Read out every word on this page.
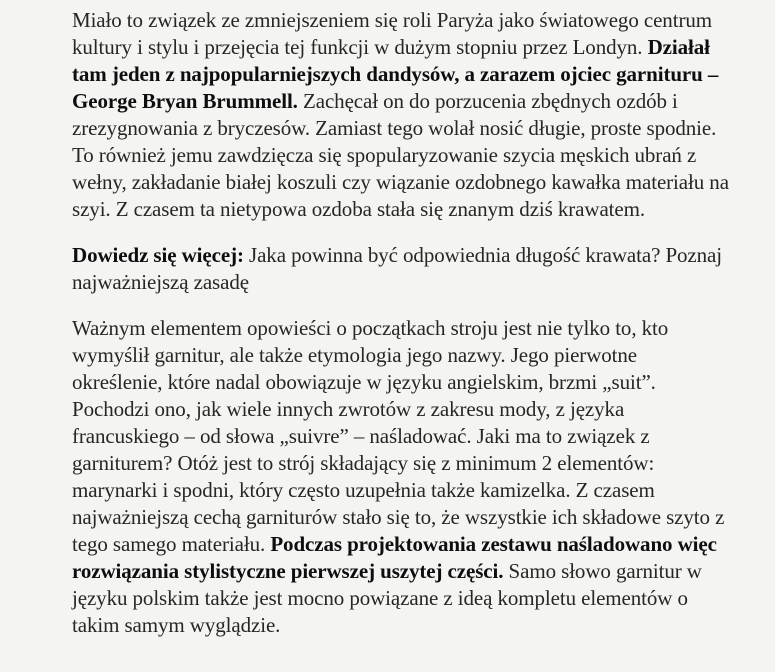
Miało to związek ze zmniejszeniem się roli Paryża jako światowego centrum kultury i stylu i przejęcia tej funkcji w dużym stopniu przez Londyn. Działał tam jeden z najpopularniejszych dandysów, a zarazem ojciec garnituru – George Bryan Brummell. Zachęcał on do porzucenia zbędnych ozdób i zrezygnowania z bryczesów. Zamiast tego wolał nosić długie, proste spodnie. To również jemu zawdzięcza się spopularyzowanie szycia męskich ubrań z wełny, zakładanie białej koszuli czy wiązanie ozdobnego kawałka materiału na szyi. Z czasem ta nietypowa ozdoba stała się znanym dziś krawatem.

Dowiedz się więcej: Jaka powinna być odpowiednia długość krawata? Poznaj najważniejszą zasadę

Ważnym elementem opowieści o początkach stroju jest nie tylko to, kto wymyślił garnitur, ale także etymologia jego nazwy. Jego pierwotne określenie, które nadal obowiązuje w języku angielskim, brzmi „suit”. Pochodzi ono, jak wiele innych zwrotów z zakresu mody, z języka francuskiego – od słowa „suivre” – naśladować. Jaki ma to związek z garniturem? Otóż jest to strój składający się z minimum 2 elementów: marynarki i spodni, który często uzupełnia także kamizelka. Z czasem najważniejszą cechą garniturów stało się to, że wszystkie ich składowe szyto z tego samego materiału. Podczas projektowania zestawu naśladowano więc rozwiązania stylistyczne pierwszej uszytej części. Samo słowo garnitur w języku polskim także jest mocno powiązane z ideą kompletu elementów o takim samym wyglądzie.
